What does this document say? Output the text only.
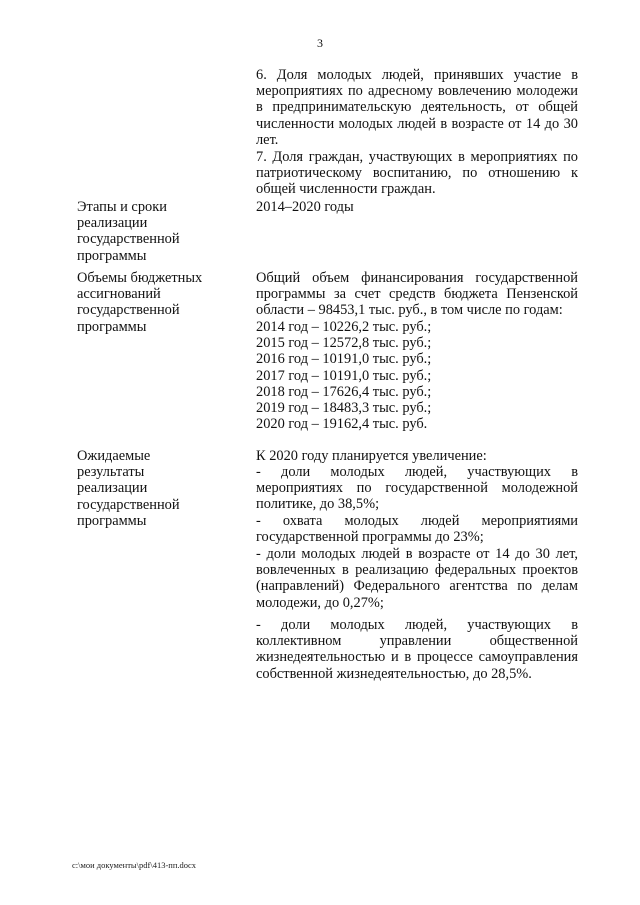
3
6. Доля молодых людей, принявших участие в мероприятиях по адресному вовлечению молодежи в предпринимательскую деятельность, от общей численности молодых людей в возрасте от 14 до 30 лет.
7. Доля граждан, участвующих в мероприятиях по патриотическому воспитанию, по отношению к общей численности граждан.
Этапы и сроки реализации государственной программы
2014–2020 годы
Объемы бюджетных ассигнований государственной программы
Общий объем финансирования государственной программы за счет средств бюджета Пензенской области – 98453,1 тыс. руб., в том числе по годам:
2014 год – 10226,2 тыс. руб.;
2015 год – 12572,8 тыс. руб.;
2016 год – 10191,0 тыс. руб.;
2017 год – 10191,0 тыс. руб.;
2018 год – 17626,4 тыс. руб.;
2019 год – 18483,3 тыс. руб.;
2020 год – 19162,4 тыс. руб.
Ожидаемые результаты реализации государственной программы
К 2020 году планируется увеличение:
- доли молодых людей, участвующих в мероприятиях по государственной молодежной политике, до 38,5%;
- охвата молодых людей мероприятиями государственной программы до 23%;
- доли молодых людей в возрасте от 14 до 30 лет, вовлеченных в реализацию федеральных проектов (направлений) Федерального агентства по делам молодежи, до 0,27%;
- доли молодых людей, участвующих в коллективном управлении общественной жизнедеятельностью и в процессе самоуправления собственной жизнедеятельностью, до 28,5%.
c:\мои документы\pdf\413-пп.docx
